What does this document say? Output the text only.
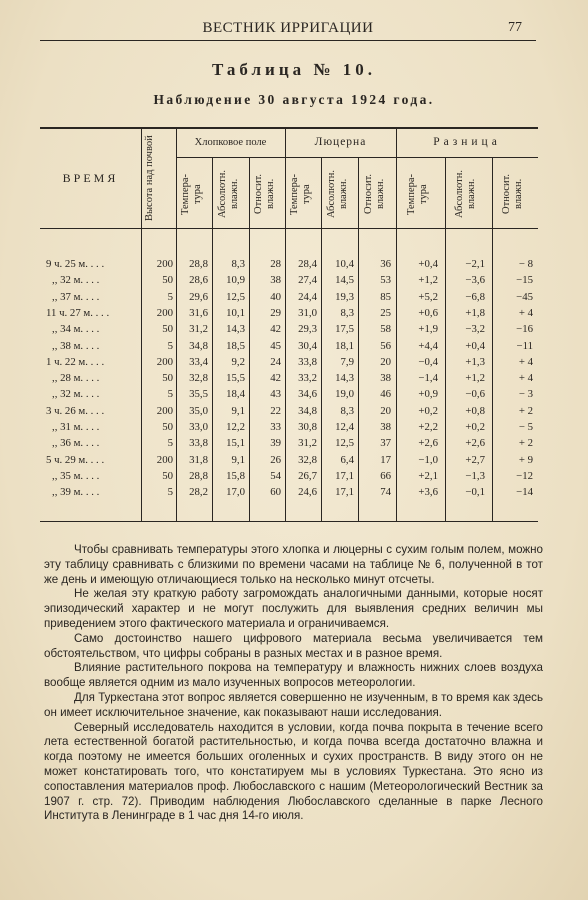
ВЕСТНИК ИРРИГАЦИИ	77
Таблица № 10.
Наблюдение 30 августа 1924 года.
ВРЕМЯ	Высота над почвой	Хлопковое поле	Люцерна	Разница
Темпера- тура	Абсолютн. влажн.	Относит. влажн.	Темпера- тура	Абсолютн. влажн.	Относит. влажн.	Темпера- тура	Абсолютн. влажн.	Относит. влажн.
9 ч. 25 м. . . .	200 28,8 8,3 28 28,4 10,4 36	+0,4	−2,1	− 8
,, 32 м. . . .	50 28,6 10,9 38 27,4 14,5 53	+1,2	−3,6	−15
,, 37 м. . . .	5 29,6 12,5 40 24,4 19,3 85	+5,2	−6,8	−45
11 ч. 27 м. . . .	200 31,6 10,1 29 31,0 8,3 25	+0,6	+1,8	+ 4
,, 34 м. . . .	50 31,2 14,3 42 29,3 17,5 58	+1,9	−3,2	−16
,, 38 м. . . .	5 34,8 18,5 45 30,4 18,1 56	+4,4	+0,4	−11
1 ч. 22 м. . . .	200 33,4 9,2 24 33,8 7,9 20	−0,4	+1,3	+ 4
,, 28 м. . . .	50 32,8 15,5 42 33,2 14,3 38	−1,4	+1,2	+ 4
,, 32 м. . . .	5 35,5 18,4 43 34,6 19,0 46	+0,9	−0,6	− 3
3 ч. 26 м. . . .	200 35,0 9,1 22 34,8 8,3 20	+0,2	+0,8	+ 2
,, 31 м. . . .	50 33,0 12,2 33 30,8 12,4 38	+2,2	+0,2	− 5
,, 36 м. . . .	5 33,8 15,1 39 31,2 12,5 37	+2,6	+2,6	+ 2
5 ч. 29 м. . . .	200 31,8 9,1 26 32,8 6,4 17	−1,0	+2,7	+ 9
,, 35 м. . . .	50 28,8 15,8 54 26,7 17,1 66	+2,1	−1,3	−12
,, 39 м. . . .	5 28,2 17,0 60 24,6 17,1 74	+3,6	−0,1	−14

Чтобы сравнивать температуры этого хлопка и люцерны с сухим голым полем, можно эту таблицу сравнивать с близкими по времени часами на таблице № 6, полученной в тот же день и имеющую отличающиеся только на несколько минут отсчеты.

Не желая эту краткую работу загромождать аналогичными данными, которые носят эпизодический характер и не могут послужить для выявления средних величин мы приведением этого фактического материала и ограничиваемся.

Само достоинство нашего цифрового материала весьма увеличивается тем обстоятельством, что цифры собраны в разных местах и в разное время.

Влияние растительного покрова на температуру и влажность нижних слоев воздуха вообще является одним из мало изученных вопросов метеорологии.

Для Туркестана этот вопрос является совершенно не изученным, в то время как здесь он имеет исключительное значение, как показывают наши исследования.

Северный исследователь находится в условии, когда почва покрыта в течение всего лета естественной богатой растительностью, и когда почва всегда достаточно влажна и когда поэтому не имеется больших оголенных и сухих пространств. В виду этого он не может констатировать того, что констатируем мы в условиях Туркестана. Это ясно из сопоставления материалов проф. Любославского с нашим (Метеорологический Вестник за 1907 г. стр. 72). Приводим наблюдения Любославского сделанные в парке Лесного Института в Ленинграде в 1 час дня 14-го июля.
